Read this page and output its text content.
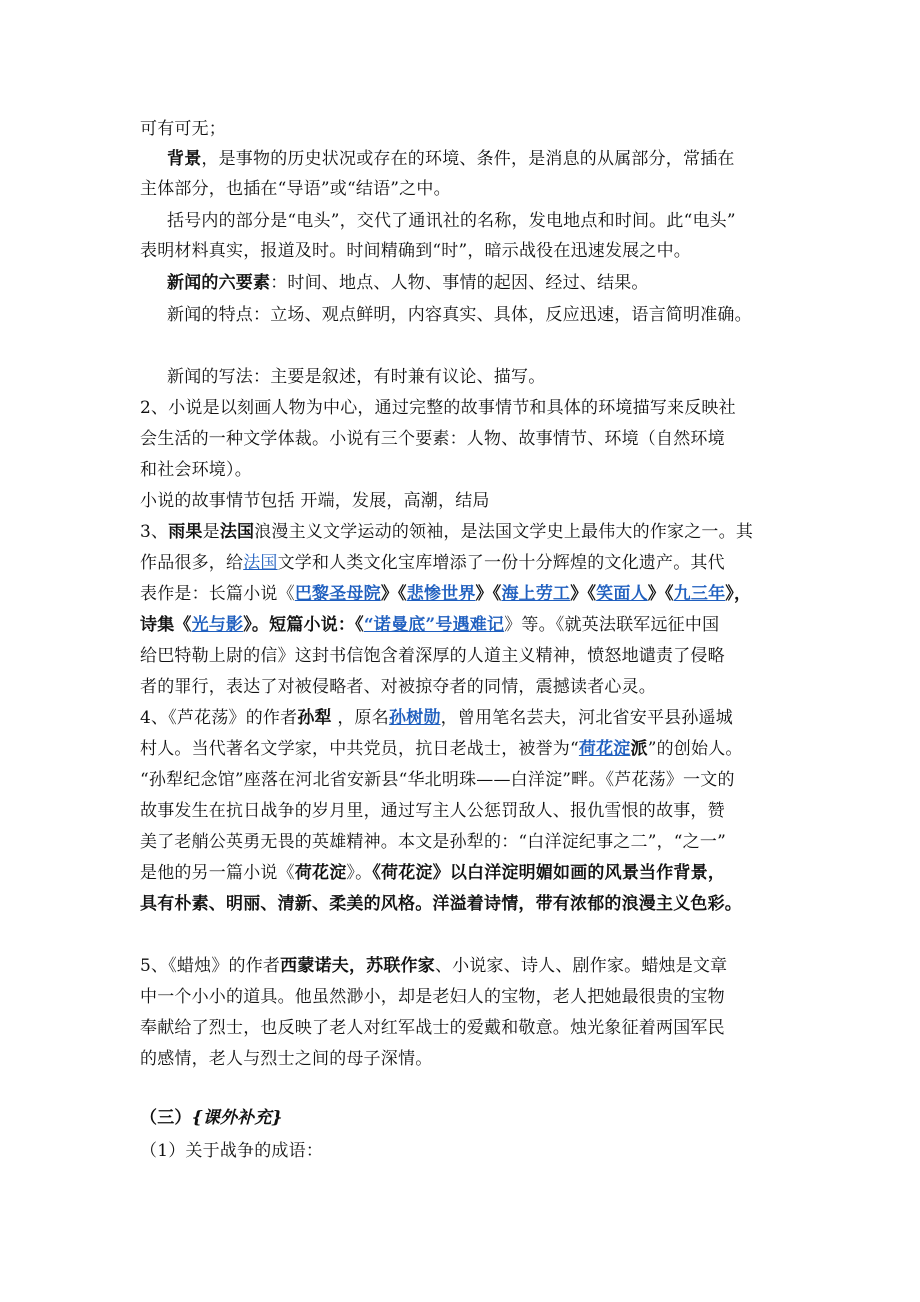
可有可无；
背景，是事物的历史状况或存在的环境、条件，是消息的从属部分，常插在
主体部分，也插在“导语”或“结语”之中。
括号内的部分是“电头”，交代了通讯社的名称，发电地点和时间。此“电头”
表明材料真实，报道及时。时间精确到“时”，暗示战役在迅速发展之中。
新闻的六要素：时间、地点、人物、事情的起因、经过、结果。
新闻的特点：立场、观点鲜明，内容真实、具体，反应迅速，语言简明准确。
新闻的写法：主要是叙述，有时兼有议论、描写。
2、小说是以刻画人物为中心，通过完整的故事情节和具体的环境描写来反映社
会生活的一种文学体裁。小说有三个要素：人物、故事情节、环境（自然环境
和社会环境）。
小说的故事情节包括 开端，发展，高潮，结局
3、雨果是法国浪漫主义文学运动的领袖，是法国文学史上最伟大的作家之一。其
作品很多，给法国文学和人类文化宝库增添了一份十分辉煌的文化遗产。其代
表作是：长篇小说《巴黎圣母院》《悲惨世界》《海上劳工》《笑面人》《九三年》，
诗集《光与影》。短篇小说：《“诺曼底”号遇难记》等。《就英法联军远征中国
给巴特勒上尉的信》这封书信饱含着深厚的人道主义精神，愤怒地谴责了侵略
者的罪行，表达了对被侵略者、对被掠夺者的同情，震撼读者心灵。
4、《芦花荡》的作者孙犁 ，原名孙树勋，曾用笔名芸夫，河北省安平县孙遥城
村人。当代著名文学家，中共党员，抗日老战士，被誉为“荷花淀派”的创始人。
“孙犁纪念馆”座落在河北省安新县“华北明珠——白洋淀”畔。《芦花荡》一文的
故事发生在抗日战争的岁月里，通过写主人公惩罚敌人、报仇雪恨的故事，赞
美了老艄公英勇无畏的英雄精神。本文是孙犁的：“白洋淀纪事之二”，“之一”
是他的另一篇小说《荷花淀》。《荷花淀》以白洋淀明媚如画的风景当作背景，
具有朴素、明丽、清新、柔美的风格。洋溢着诗情，带有浓郁的浪漫主义色彩。
5、《蜡烛》的作者西蒙诺夫，苏联作家、小说家、诗人、剧作家。蜡烛是文章
中一个小小的道具。他虽然渺小，却是老妇人的宝物，老人把她最很贵的宝物
奉献给了烈士，也反映了老人对红军战士的爱戴和敬意。烛光象征着两国军民
的感情，老人与烈士之间的母子深情。
（三）{课外补充}
（1）关于战争的成语：
